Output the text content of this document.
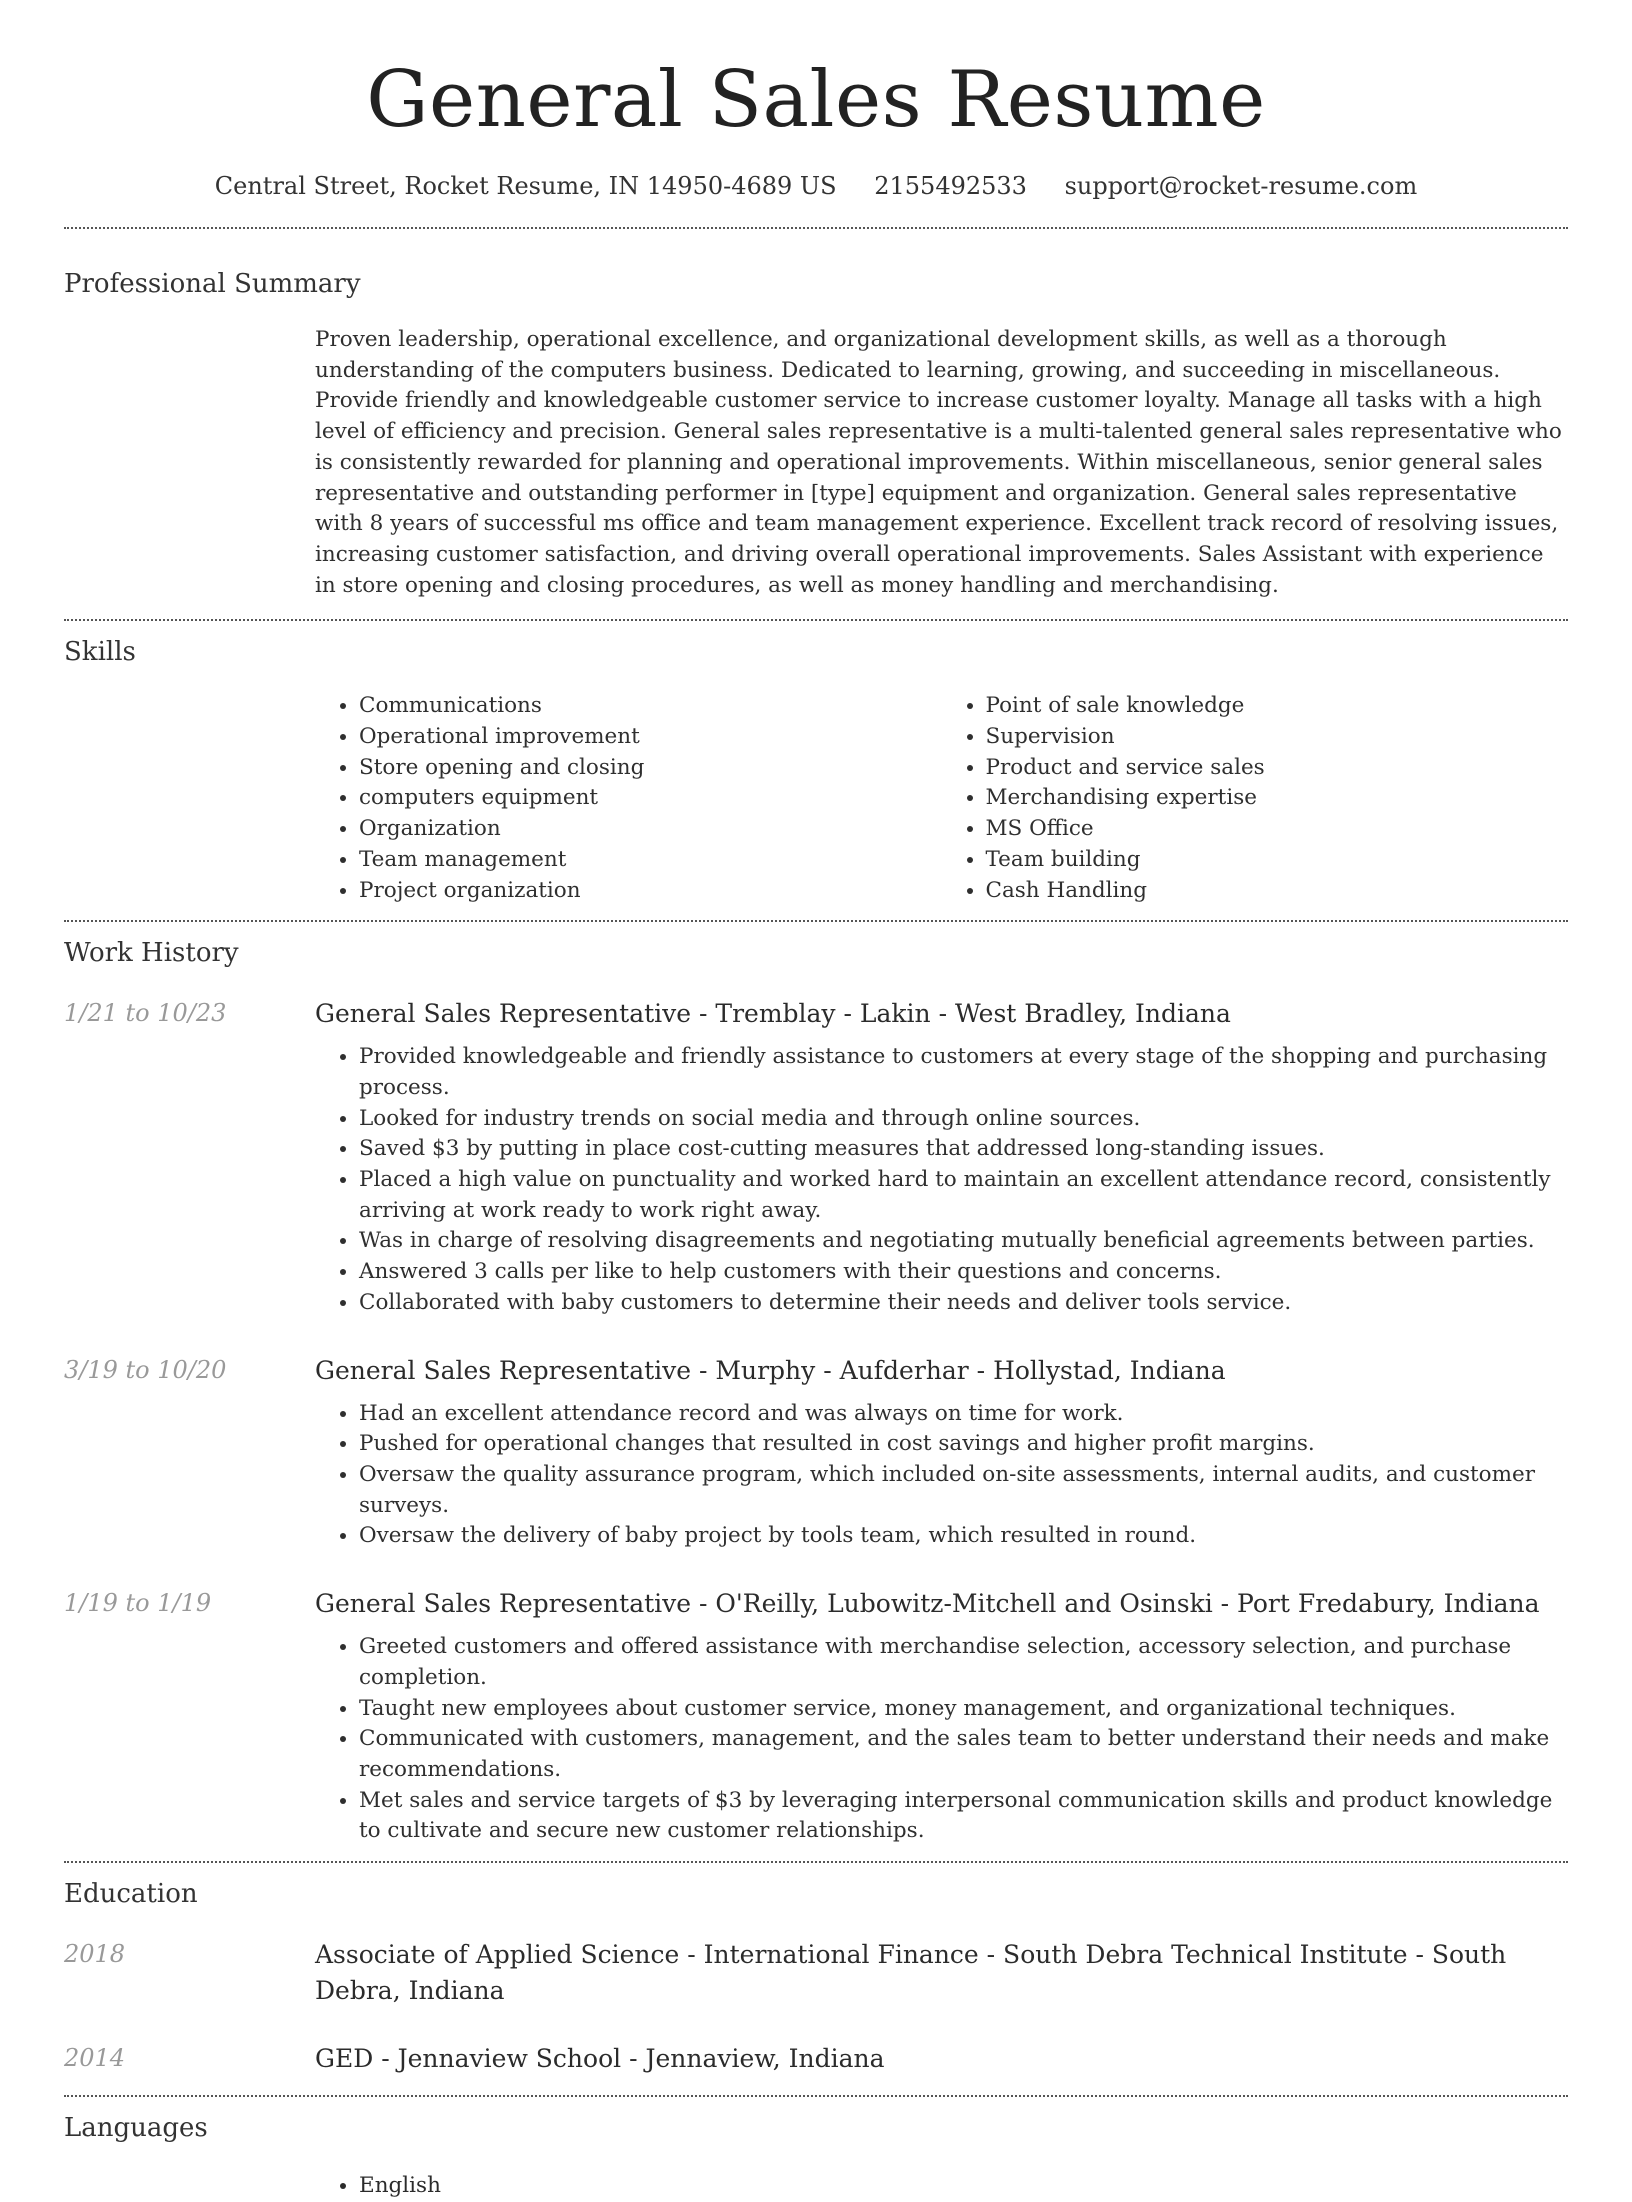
General Sales Resume
Central Street, Rocket Resume, IN 14950-4689 US 2155492533 support@rocket-resume.com
Professional Summary
Proven leadership, operational excellence, and organizational development skills, as well as a thorough understanding of the computers business. Dedicated to learning, growing, and succeeding in miscellaneous. Provide friendly and knowledgeable customer service to increase customer loyalty. Manage all tasks with a high level of efficiency and precision. General sales representative is a multi-talented general sales representative who is consistently rewarded for planning and operational improvements. Within miscellaneous, senior general sales representative and outstanding performer in [type] equipment and organization. General sales representative with 8 years of successful ms office and team management experience. Excellent track record of resolving issues, increasing customer satisfaction, and driving overall operational improvements. Sales Assistant with experience in store opening and closing procedures, as well as money handling and merchandising.
Skills
• Communications
• Operational improvement
• Store opening and closing
• computers equipment
• Organization
• Team management
• Project organization
• Point of sale knowledge
• Supervision
• Product and service sales
• Merchandising expertise
• MS Office
• Team building
• Cash Handling
Work History
1/21 to 10/23	General Sales Representative - Tremblay - Lakin - West Bradley, Indiana
• Provided knowledgeable and friendly assistance to customers at every stage of the shopping and purchasing process.
• Looked for industry trends on social media and through online sources.
• Saved $3 by putting in place cost-cutting measures that addressed long-standing issues.
• Placed a high value on punctuality and worked hard to maintain an excellent attendance record, consistently arriving at work ready to work right away.
• Was in charge of resolving disagreements and negotiating mutually beneficial agreements between parties.
• Answered 3 calls per like to help customers with their questions and concerns.
• Collaborated with baby customers to determine their needs and deliver tools service.
3/19 to 10/20	General Sales Representative - Murphy - Aufderhar - Hollystad, Indiana
• Had an excellent attendance record and was always on time for work.
• Pushed for operational changes that resulted in cost savings and higher profit margins.
• Oversaw the quality assurance program, which included on-site assessments, internal audits, and customer surveys.
• Oversaw the delivery of baby project by tools team, which resulted in round.
1/19 to 1/19	General Sales Representative - O'Reilly, Lubowitz-Mitchell and Osinski - Port Fredabury, Indiana
• Greeted customers and offered assistance with merchandise selection, accessory selection, and purchase completion.
• Taught new employees about customer service, money management, and organizational techniques.
• Communicated with customers, management, and the sales team to better understand their needs and make recommendations.
• Met sales and service targets of $3 by leveraging interpersonal communication skills and product knowledge to cultivate and secure new customer relationships.
Education
2018	Associate of Applied Science - International Finance - South Debra Technical Institute - South Debra, Indiana
2014	GED - Jennaview School - Jennaview, Indiana
Languages
• English
